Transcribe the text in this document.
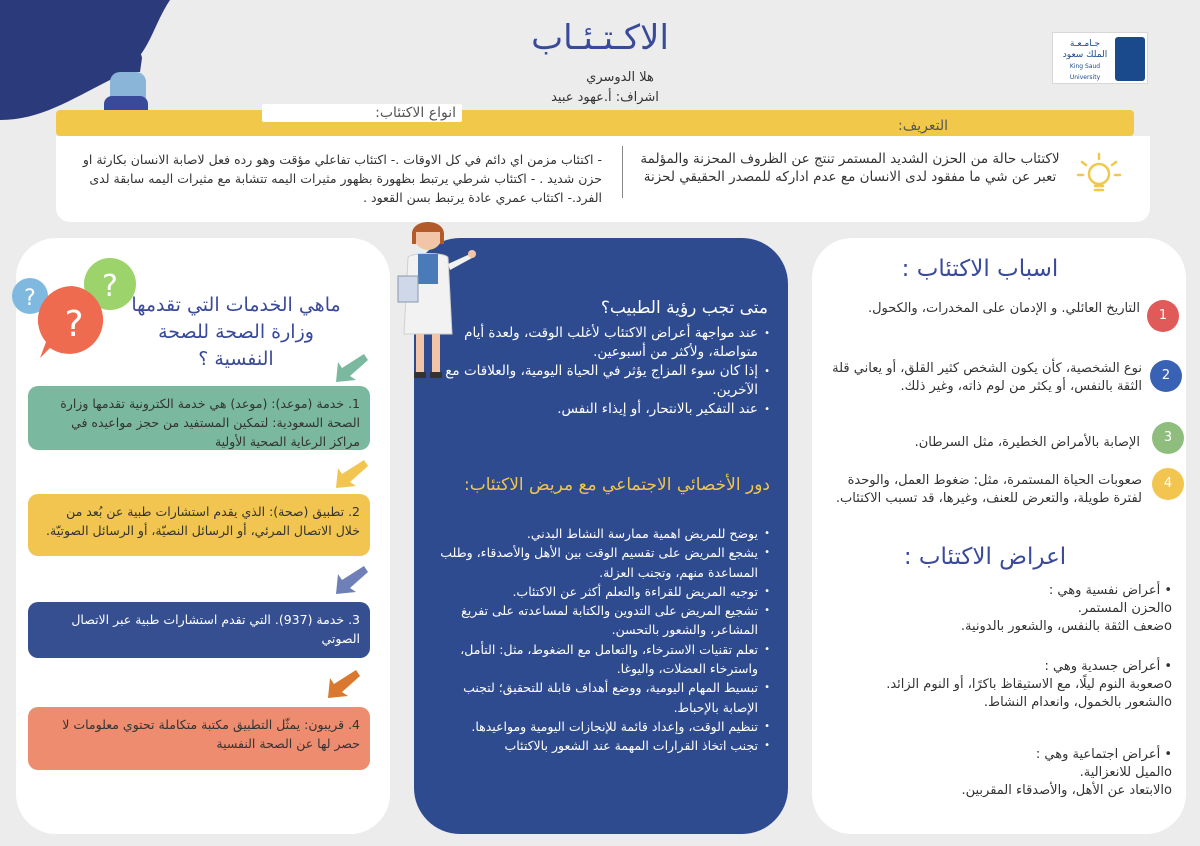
الاكـتـئـاب
هلا الدوسري
اشراف: أ.عهود عبيد
جـامـعـة
الملك سعود
King Saud University
انواع الاكتئاب:
التعريف:
لاكتئاب حالة من الحزن الشديد المستمر تنتج عن الظروف المحزنة والمؤلمة تعبر عن شي ما مفقود لدى الانسان مع عدم اداركه للمصدر الحقيقي لحزنة
- اكتئاب مزمن اي دائم في كل الاوقات .- اكتئاب تفاعلي مؤقت وهو رده فعل لاصابة الانسان بكارثة او حزن شديد . - اكتئاب شرطي يرتبط بظهورة بظهور مثيرات اليمه تتشابة مع مثيرات اليمه سابقة لدى الفرد.- اكتئاب عمري عادة يرتبط بسن القعود .
?
?
?	ماهي الخدمات التي تقدمها وزارة الصحة للصحة النفسية ؟
1. خدمة (موعد): (موعد) هي خدمة الكترونية تقدمها وزارة الصحة السعودية: لتمكين المستفيد من حجز مواعيده في مراكز الرعاية الصحية الأولية
2. تطبيق (صحة): الذي يقدم استشارات طبية عن بُعد من خلال الاتصال المرئي، أو الرسائل النصيّة، أو الرسائل الصوتيّة.
3. خدمة (937). التي تقدم استشارات طبية عبر الاتصال الصوتي
4. قريبون: يمثّل التطبيق مكتبة متكاملة تحتوي معلومات لا حصر لها عن الصحة النفسية
متى تجب رؤية الطبيب؟
• عند مواجهة أعراض الاكتئاب لأغلب الوقت، ولعدة أيام متواصلة، ولأكثر من أسبوعين.
• إذا كان سوء المزاج يؤثر في الحياة اليومية، والعلاقات مع الآخرين.
• عند التفكير بالانتحار، أو إيذاء النفس.
دور الأخصائي الاجتماعي مع مريض الاكتئاب:
• يوضح للمريض اهمية ممارسة النشاط البدني.
• يشجع المريض على تقسيم الوقت بين الأهل والأصدقاء، وطلب المساعدة منهم، وتجنب العزلة.
• توجيه المريض للقراءة والتعلم أكثر عن الاكتئاب.
• تشجيع المريض على التدوين والكتابة لمساعدته على تفريغ المشاعر، والشعور بالتحسن.
• تعلم تقنيات الاسترخاء، والتعامل مع الضغوط، مثل: التأمل، واسترخاء العضلات، واليوغا.
• تبسيط المهام اليومية، ووضع أهداف قابلة للتحقيق؛ لتجنب الإصابة بالإحباط.
• تنظيم الوقت، وإعداد قائمة للإنجازات اليومية ومواعيدها.
• تجنب اتخاذ القرارات المهمة عند الشعور بالاكتئاب
اسباب الاكتئاب :
1
التاريخ العائلي. و الإدمان على المخدرات، والكحول.
2
نوع الشخصية، كأن يكون الشخص كثير القلق، أو يعاني قلة الثقة بالنفس، أو يكثر من لوم ذاته، وغير ذلك.
3
الإصابة بالأمراض الخطيرة، مثل السرطان.
4
صعوبات الحياة المستمرة، مثل: ضغوط العمل، والوحدة لفترة طويلة، والتعرض للعنف، وغيرها، قد تسبب الاكتئاب.
اعراض الاكتئاب :
• أعراض نفسية وهي :
oالحزن المستمر.
oضعف الثقة بالنفس، والشعور بالدونية.
• أعراض جسدية وهي :
oصعوبة النوم ليلًا، مع الاستيقاظ باكرًا، أو النوم الزائد.
oالشعور بالخمول، وانعدام النشاط.
• أعراض اجتماعية وهي :
oالميل للانعزالية.
oالابتعاد عن الأهل، والأصدقاء المقربين.
